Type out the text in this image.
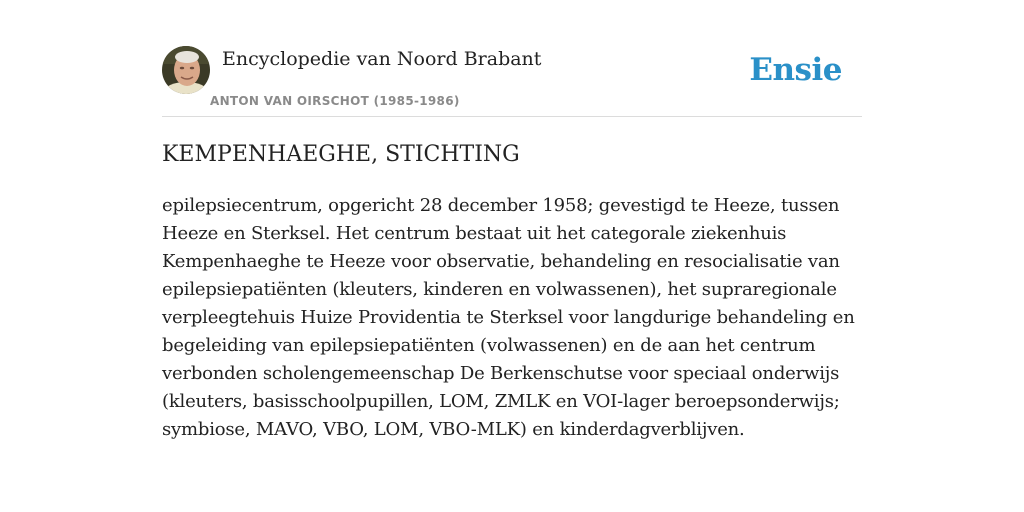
Encyclopedie van Noord Brabant
ANTON VAN OIRSCHOT (1985-1986)
Ensie
KEMPENHAEGHE, STICHTING

epilepsiecentrum, opgericht 28 december 1958; gevestigd te Heeze, tussen Heeze en Sterksel. Het centrum bestaat uit het categorale ziekenhuis Kempenhaeghe te Heeze voor observatie, behandeling en resocialisatie van epilepsiepatiënten (kleuters, kinderen en volwassenen), het supraregionale verpleegtehuis Huize Providentia te Sterksel voor langdurige behandeling en begeleiding van epilepsiepatiënten (volwassenen) en de aan het centrum verbonden scholengemeenschap De Berkenschutse voor speciaal onderwijs (kleuters, basisschoolpupillen, LOM, ZMLK en VOI-lager beroepsonderwijs; symbiose, MAVO, VBO, LOM, VBO-MLK) en kinderdagverblijven.
